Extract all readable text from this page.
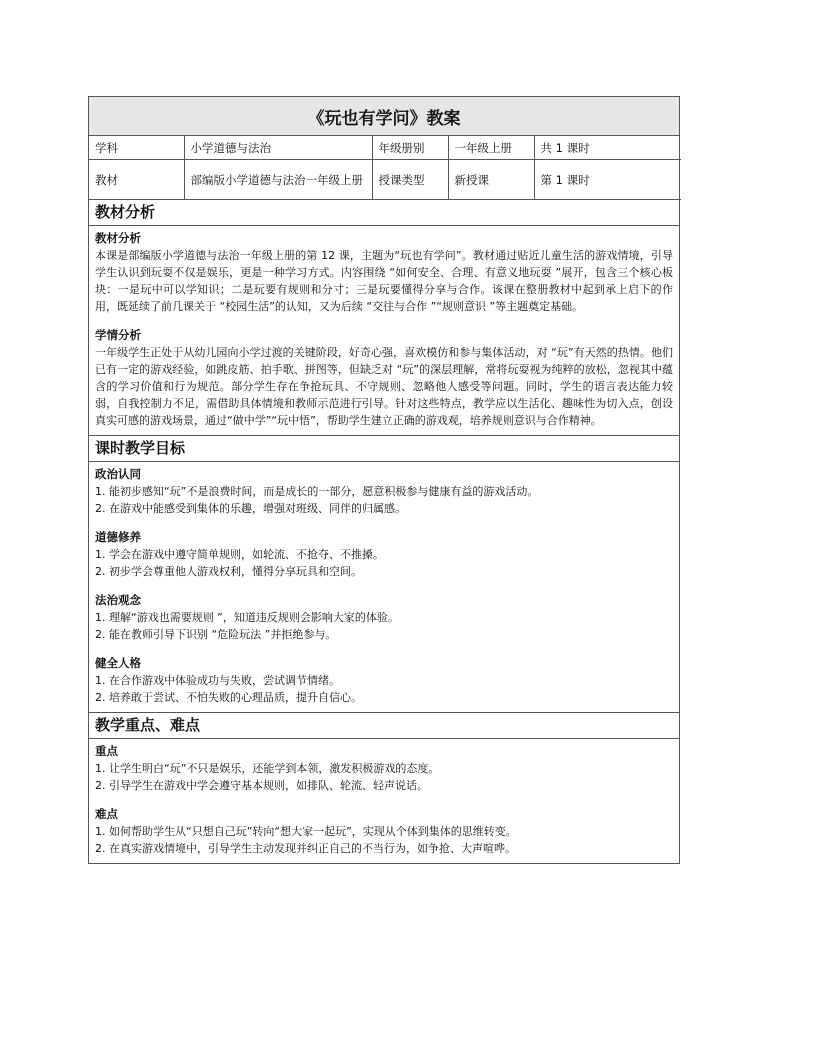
《玩也有学问》教案
学科	小学道德与法治	年级册别	一年级上册	共 1 课时
教材	部编版小学道德与法治一年级上册	授课类型	新授课	第 1 课时
教材分析

教材分析

本课是部编版小学道德与法治一年级上册的第 12 课，主题为“玩也有学问”。教材通过贴近儿童生活的游戏情境，引导学生认识到玩耍不仅是娱乐，更是一种学习方式。内容围绕 “如何安全、合理、有意义地玩耍 ”展开，包含三个核心板块：一是玩中可以学知识；二是玩要有规则和分寸；三是玩要懂得分享与合作。该课在整册教材中起到承上启下的作用，既延续了前几课关于 “校园生活”的认知，又为后续 “交往与合作 ”“规则意识 ”等主题奠定基础。

学情分析

一年级学生正处于从幼儿园向小学过渡的关键阶段，好奇心强，喜欢模仿和参与集体活动，对 “玩”有天然的热情。他们已有一定的游戏经验，如跳皮筋、拍手歌、拼图等，但缺乏对 “玩”的深层理解，常将玩耍视为纯粹的放松，忽视其中蕴含的学习价值和行为规范。部分学生存在争抢玩具、不守规则、忽略他人感受等问题。同时，学生的语言表达能力较弱，自我控制力不足，需借助具体情境和教师示范进行引导。针对这些特点，教学应以生活化、趣味性为切入点，创设真实可感的游戏场景，通过“做中学”“玩中悟”，帮助学生建立正确的游戏观，培养规则意识与合作精神。

课时教学目标

政治认同

1. 能初步感知“玩”不是浪费时间，而是成长的一部分，愿意积极参与健康有益的游戏活动。

2. 在游戏中能感受到集体的乐趣，增强对班级、同伴的归属感。

道德修养

1. 学会在游戏中遵守简单规则，如轮流、不抢夺、不推搡。

2. 初步学会尊重他人游戏权利，懂得分享玩具和空间。

法治观念

1. 理解“游戏也需要规则 ”，知道违反规则会影响大家的体验。

2. 能在教师引导下识别 “危险玩法 ”并拒绝参与。

健全人格

1. 在合作游戏中体验成功与失败，尝试调节情绪。

2. 培养敢于尝试、不怕失败的心理品质，提升自信心。

教学重点、难点

重点

1. 让学生明白“玩”不只是娱乐，还能学到本领，激发积极游戏的态度。

2. 引导学生在游戏中学会遵守基本规则，如排队、轮流、轻声说话。

难点

1. 如何帮助学生从“只想自己玩”转向“想大家一起玩”，实现从个体到集体的思维转变。

2. 在真实游戏情境中，引导学生主动发现并纠正自己的不当行为，如争抢、大声喧哗。
